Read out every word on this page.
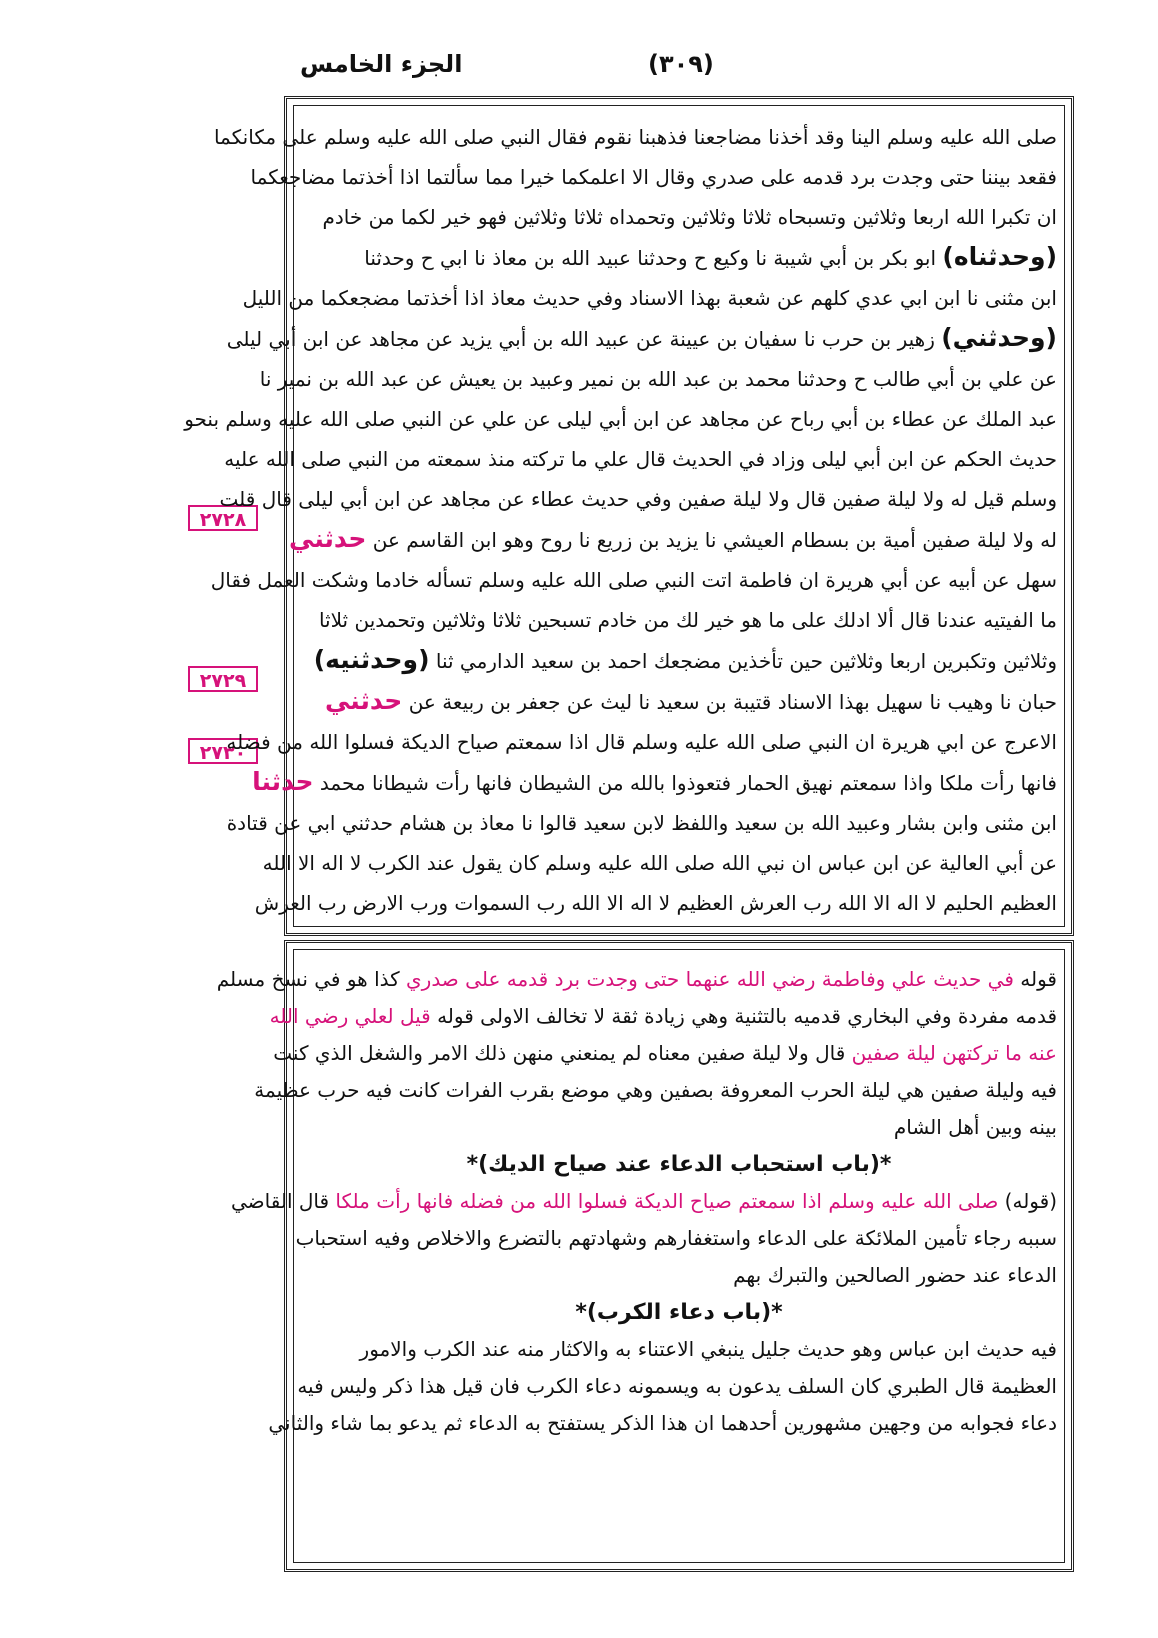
(٣٠٩)
الجزء الخامس
٢٧٢٨
٢٧٢٩
٢٧٣٠
صلى الله عليه وسلم الينا وقد أخذنا مضاجعنا فذهبنا نقوم فقال النبي صلى الله عليه وسلم على مكانكما
فقعد بيننا حتى وجدت برد قدمه على صدري وقال الا اعلمكما خيرا مما سألتما اذا أخذتما مضاجعكما
ان تكبرا الله اربعا وثلاثين وتسبحاه ثلاثا وثلاثين وتحمداه ثلاثا وثلاثين فهو خير لكما من خادم
(وحدثناه) ابو بكر بن أبي شيبة نا وكيع ح وحدثنا عبيد الله بن معاذ نا ابي ح وحدثنا
ابن مثنى نا ابن ابي عدي كلهم عن شعبة بهذا الاسناد وفي حديث معاذ اذا أخذتما مضجعكما من الليل
(وحدثني) زهير بن حرب نا سفيان بن عيينة عن عبيد الله بن أبي يزيد عن مجاهد عن ابن أبي ليلى
عن علي بن أبي طالب ح وحدثنا محمد بن عبد الله بن نمير وعبيد بن يعيش عن عبد الله بن نمير نا
عبد الملك عن عطاء بن أبي رباح عن مجاهد عن ابن أبي ليلى عن علي عن النبي صلى الله عليه وسلم بنحو
حديث الحكم عن ابن أبي ليلى وزاد في الحديث قال علي ما تركته منذ سمعته من النبي صلى الله عليه
وسلم قيل له ولا ليلة صفين قال ولا ليلة صفين وفي حديث عطاء عن مجاهد عن ابن أبي ليلى قال قلت
له ولا ليلة صفين أمية بن بسطام العيشي نا يزيد بن زريع نا روح وهو ابن القاسم عن حدثني
سهل عن أبيه عن أبي هريرة ان فاطمة اتت النبي صلى الله عليه وسلم تسأله خادما وشكت العمل فقال
ما الفيتيه عندنا قال ألا ادلك على ما هو خير لك من خادم تسبحين ثلاثا وثلاثين وتحمدين ثلاثا
وثلاثين وتكبرين اربعا وثلاثين حين تأخذين مضجعك احمد بن سعيد الدارمي ثنا (وحدثنيه)
حبان نا وهيب نا سهيل بهذا الاسناد قتيبة بن سعيد نا ليث عن جعفر بن ربيعة عن حدثني
الاعرج عن ابي هريرة ان النبي صلى الله عليه وسلم قال اذا سمعتم صياح الديكة فسلوا الله من فضله
فانها رأت ملكا واذا سمعتم نهيق الحمار فتعوذوا بالله من الشيطان فانها رأت شيطانا محمد حدثنا
ابن مثنى وابن بشار وعبيد الله بن سعيد واللفظ لابن سعيد قالوا نا معاذ بن هشام حدثني ابي عن قتادة
عن أبي العالية عن ابن عباس ان نبي الله صلى الله عليه وسلم كان يقول عند الكرب لا اله الا الله
العظيم الحليم لا اله الا الله رب العرش العظيم لا اله الا الله رب السموات ورب الارض رب العرش
قوله في حديث علي وفاطمة رضي الله عنهما حتى وجدت برد قدمه على صدري كذا هو في نسخ مسلم
قدمه مفردة وفي البخاري قدميه بالتثنية وهي زيادة ثقة لا تخالف الاولى قوله قيل لعلي رضي الله
عنه ما تركتهن ليلة صفين قال ولا ليلة صفين معناه لم يمنعني منهن ذلك الامر والشغل الذي كنت
فيه وليلة صفين هي ليلة الحرب المعروفة بصفين وهي موضع بقرب الفرات كانت فيه حرب عظيمة
بينه وبين أهل الشام
*(باب استحباب الدعاء عند صياح الديك)*
(قوله) صلى الله عليه وسلم اذا سمعتم صياح الديكة فسلوا الله من فضله فانها رأت ملكا قال القاضي
سببه رجاء تأمين الملائكة على الدعاء واستغفارهم وشهادتهم بالتضرع والاخلاص وفيه استحباب
الدعاء عند حضور الصالحين والتبرك بهم
*(باب دعاء الكرب)*
فيه حديث ابن عباس وهو حديث جليل ينبغي الاعتناء به والاكثار منه عند الكرب والامور
العظيمة قال الطبري كان السلف يدعون به ويسمونه دعاء الكرب فان قيل هذا ذكر وليس فيه
دعاء فجوابه من وجهين مشهورين أحدهما ان هذا الذكر يستفتح به الدعاء ثم يدعو بما شاء والثاني
